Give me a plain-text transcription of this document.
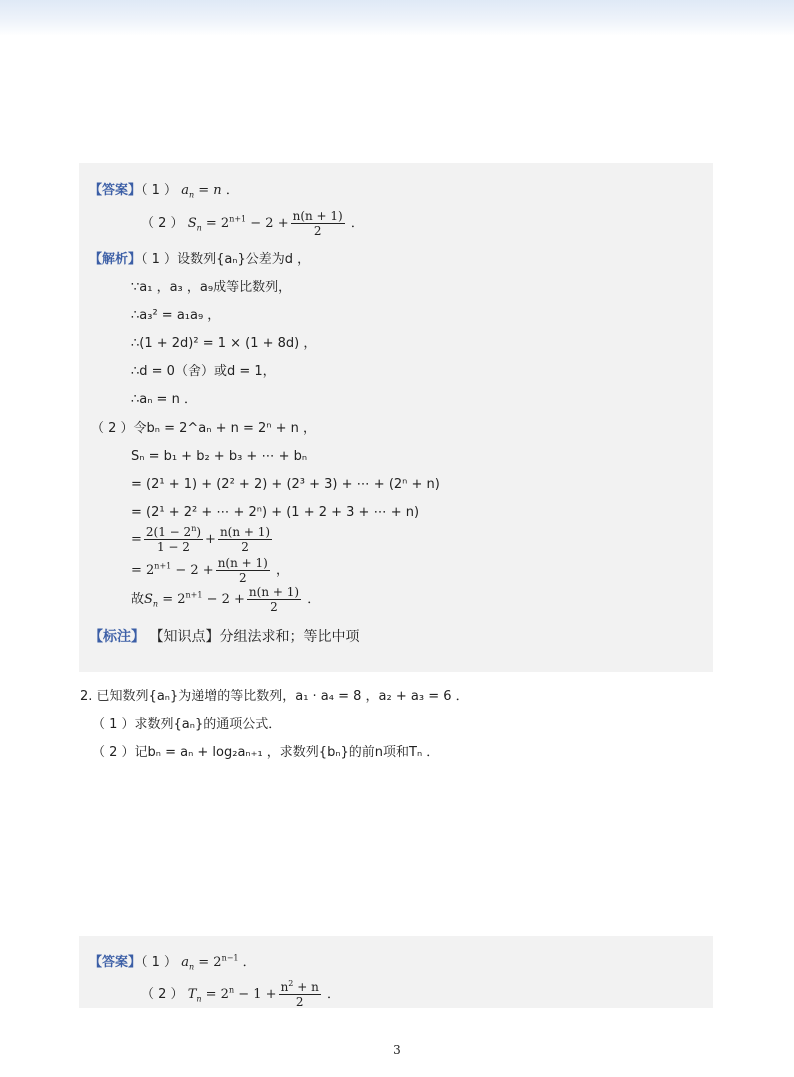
【答案】（ 1 ） $a_n = n$ ．
（ 2 ） $S_n = 2^{n+1} - 2 + \frac{n(n + 1)}{2}$ ．
【解析】（ 1 ）设数列{aₙ}公差为d ，
∵a₁ ，a₃ ，a₉成等比数列，
∴a₃² = a₁a₉ ，
∴(1 + 2d)² = 1 × (1 + 8d) ，
∴d = 0（舍）或d = 1，
∴aₙ = n ．
（ 2 ）令bₙ = 2^aₙ + n = 2ⁿ + n ，
Sₙ = b₁ + b₂ + b₃ + ⋯ + bₙ
= (2¹ + 1) + (2² + 2) + (2³ + 3) + ⋯ + (2ⁿ + n)
= (2¹ + 2² + ⋯ + 2ⁿ) + (1 + 2 + 3 + ⋯ + n)
= $\frac{2(1 - 2^n)}{1 - 2} + \frac{n(n + 1)}{2}$
= $2^{n+1} - 2 + \frac{n(n + 1)}{2}$ ，
故$S_n = 2^{n+1} - 2 + \frac{n(n + 1)}{2}$ ．
【标注】 【知识点】分组法求和；等比中项
2. 已知数列{aₙ}为递增的等比数列，a₁ · a₄ = 8 ，a₂ + a₃ = 6 ．
（ 1 ）求数列{aₙ}的通项公式．
（ 2 ）记bₙ = aₙ + log₂aₙ₊₁ ，求数列{bₙ}的前n项和Tₙ ．
【答案】（ 1 ） $a_n = 2^{n-1}$ ．
（ 2 ） $T_n = 2^n - 1 + \frac{n^2 + n}{2}$ ．
3
